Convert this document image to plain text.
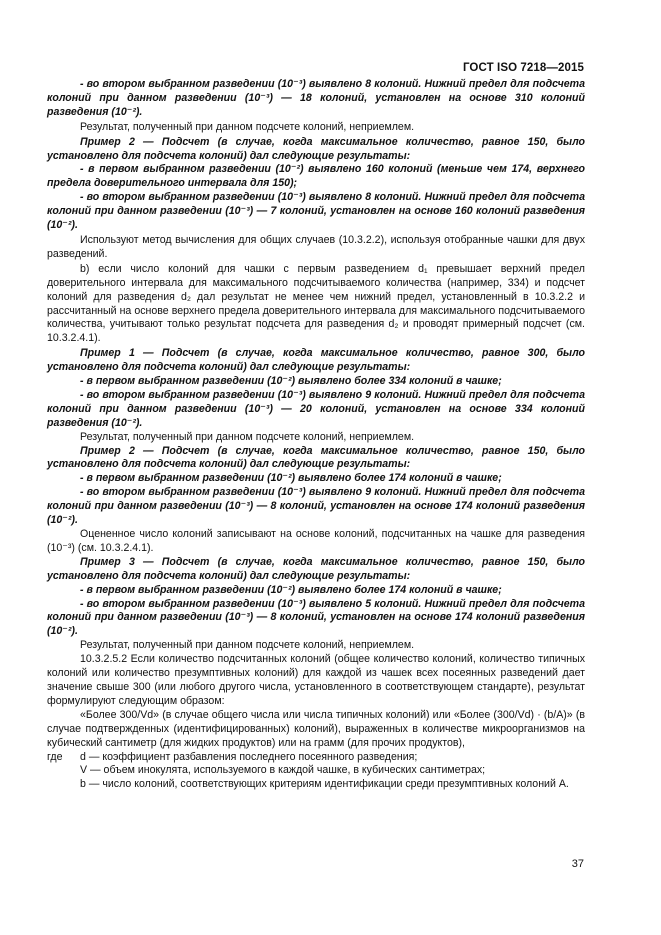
ГОСТ ISO 7218—2015

- во втором выбранном разведении (10⁻³) выявлено 8 колоний. Нижний предел для подсчета колоний при данном разведении (10⁻³) — 18 колоний, установлен на основе 310 колоний разведения (10⁻²).

Результат, полученный при данном подсчете колоний, неприемлем.

Пример 2 — Подсчет (в случае, когда максимальное количество, равное 150, было установлено для подсчета колоний) дал следующие результаты:

- в первом выбранном разведении (10⁻²) выявлено 160 колоний (меньше чем 174, верхнего предела доверительного интервала для 150);

- во втором выбранном разведении (10⁻³) выявлено 8 колоний. Нижний предел для подсчета колоний при данном разведении (10⁻³) — 7 колоний, установлен на основе 160 колоний разведения (10⁻²).

Используют метод вычисления для общих случаев (10.3.2.2), используя отобранные чашки для двух разведений.

b) если число колоний для чашки с первым разведением d₁ превышает верхний предел доверительного интервала для максимального подсчитываемого количества (например, 334) и подсчет колоний для разведения d₂ дал результат не менее чем нижний предел, установленный в 10.3.2.2 и рассчитанный на основе верхнего предела доверительного интервала для максимального подсчитываемого количества, учитывают только результат подсчета для разведения d₂ и проводят примерный подсчет (см. 10.3.2.4.1).

Пример 1 — Подсчет (в случае, когда максимальное количество, равное 300, было установлено для подсчета колоний) дал следующие результаты:

- в первом выбранном разведении (10⁻²) выявлено более 334 колоний в чашке;

- во втором выбранном разведении (10⁻³) выявлено 9 колоний. Нижний предел для подсчета колоний при данном разведении (10⁻³) — 20 колоний, установлен на основе 334 колоний разведения (10⁻²).

Результат, полученный при данном подсчете колоний, неприемлем.

Пример 2 — Подсчет (в случае, когда максимальное количество, равное 150, было установлено для подсчета колоний) дал следующие результаты:

- в первом выбранном разведении (10⁻²) выявлено более 174 колоний в чашке;

- во втором выбранном разведении (10⁻³) выявлено 9 колоний. Нижний предел для подсчета колоний при данном разведении (10⁻³) — 8 колоний, установлен на основе 174 колоний разведения (10⁻²).

Оцененное число колоний записывают на основе колоний, подсчитанных на чашке для разведения (10⁻³) (см. 10.3.2.4.1).

Пример 3 — Подсчет (в случае, когда максимальное количество, равное 150, было установлено для подсчета колоний) дал следующие результаты:

- в первом выбранном разведении (10⁻²) выявлено более 174 колоний в чашке;

- во втором выбранном разведении (10⁻³) выявлено 5 колоний. Нижний предел для подсчета колоний при данном разведении (10⁻³) — 8 колоний, установлен на основе 174 колоний разведения (10⁻²).

Результат, полученный при данном подсчете колоний, неприемлем.

10.3.2.5.2 Если количество подсчитанных колоний (общее количество колоний, количество типичных колоний или количество презумптивных колоний) для каждой из чашек всех посеянных разведений дает значение свыше 300 (или любого другого числа, установленного в соответствующем стандарте), результат формулируют следующим образом:

«Более 300/Vd» (в случае общего числа или числа типичных колоний) или «Более (300/Vd) · (b/A)» (в случае подтвержденных (идентифицированных) колоний), выраженных в количестве микроорганизмов на кубический сантиметр (для жидких продуктов) или на грамм (для прочих продуктов),

где	d — коэффициент разбавления последнего посеянного разведения;

V — объем инокулята, используемого в каждой чашке, в кубических сантиметрах;

b — число колоний, соответствующих критериям идентификации среди презумптивных колоний A.

37
